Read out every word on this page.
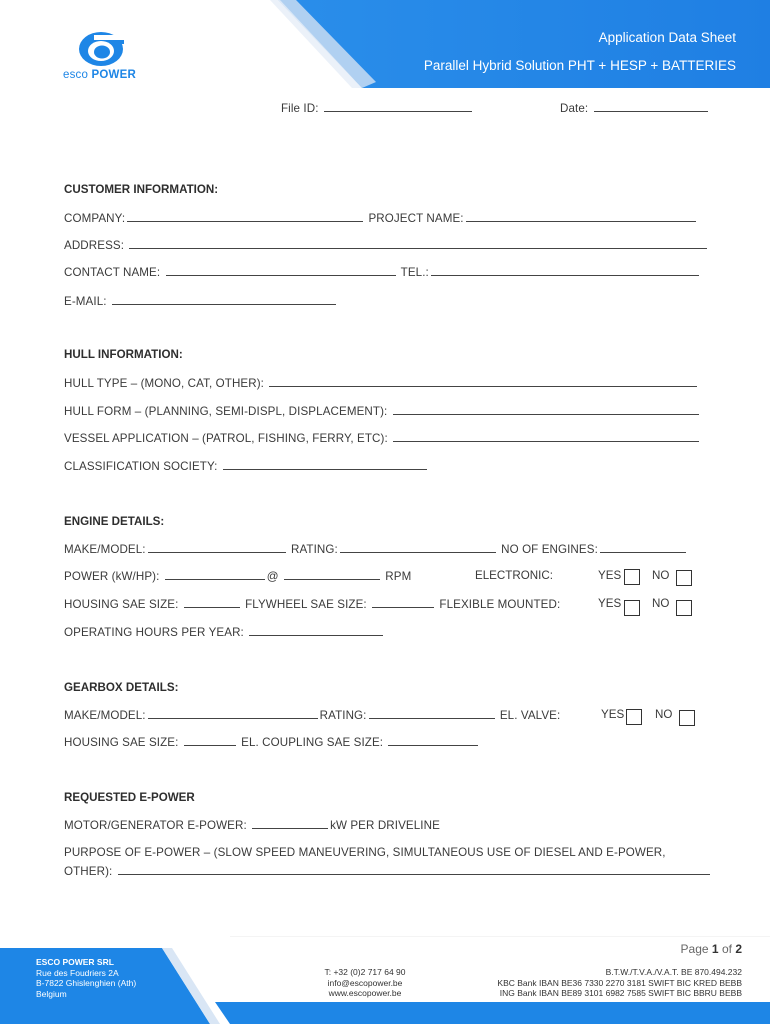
Application Data Sheet
Parallel Hybrid Solution PHT + HESP + BATTERIES
esco POWER
File ID:	Date:
CUSTOMER INFORMATION:
COMPANY:	PROJECT NAME:
ADDRESS:
CONTACT NAME:	TEL.:
E-MAIL:
HULL INFORMATION:
HULL TYPE – (MONO, CAT, OTHER):
HULL FORM – (PLANNING, SEMI-DISPL, DISPLACEMENT):
VESSEL APPLICATION – (PATROL, FISHING, FERRY, ETC):
CLASSIFICATION SOCIETY:
ENGINE DETAILS:
MAKE/MODEL:	RATING:	NO OF ENGINES:
POWER (kW/HP):	@	RPM	ELECTRONIC:	YES	NO
HOUSING SAE SIZE:	FLYWHEEL SAE SIZE:	FLEXIBLE MOUNTED:	YES	NO
OPERATING HOURS PER YEAR:
GEARBOX DETAILS:
MAKE/MODEL:	RATING:	EL. VALVE:	YES	NO
HOUSING SAE SIZE:	EL. COUPLING SAE SIZE:
REQUESTED E-POWER
MOTOR/GENERATOR E-POWER:	kW PER DRIVELINE
PURPOSE OF E-POWER – (SLOW SPEED MANEUVERING, SIMULTANEOUS USE OF DIESEL AND E-POWER,
OTHER):
Page 1 of 2
ESCO POWER SRL
Rue des Foudriers 2A
B-7822 Ghislenghien (Ath)
Belgium
T: +32 (0)2 717 64 90
info@escopower.be
www.escopower.be
B.T.W./T.V.A./V.A.T. BE 870.494.232
KBC Bank IBAN BE36 7330 2270 3181 SWIFT BIC KRED BEBB
ING Bank IBAN BE89 3101 6982 7585 SWIFT BIC BBRU BEBB
